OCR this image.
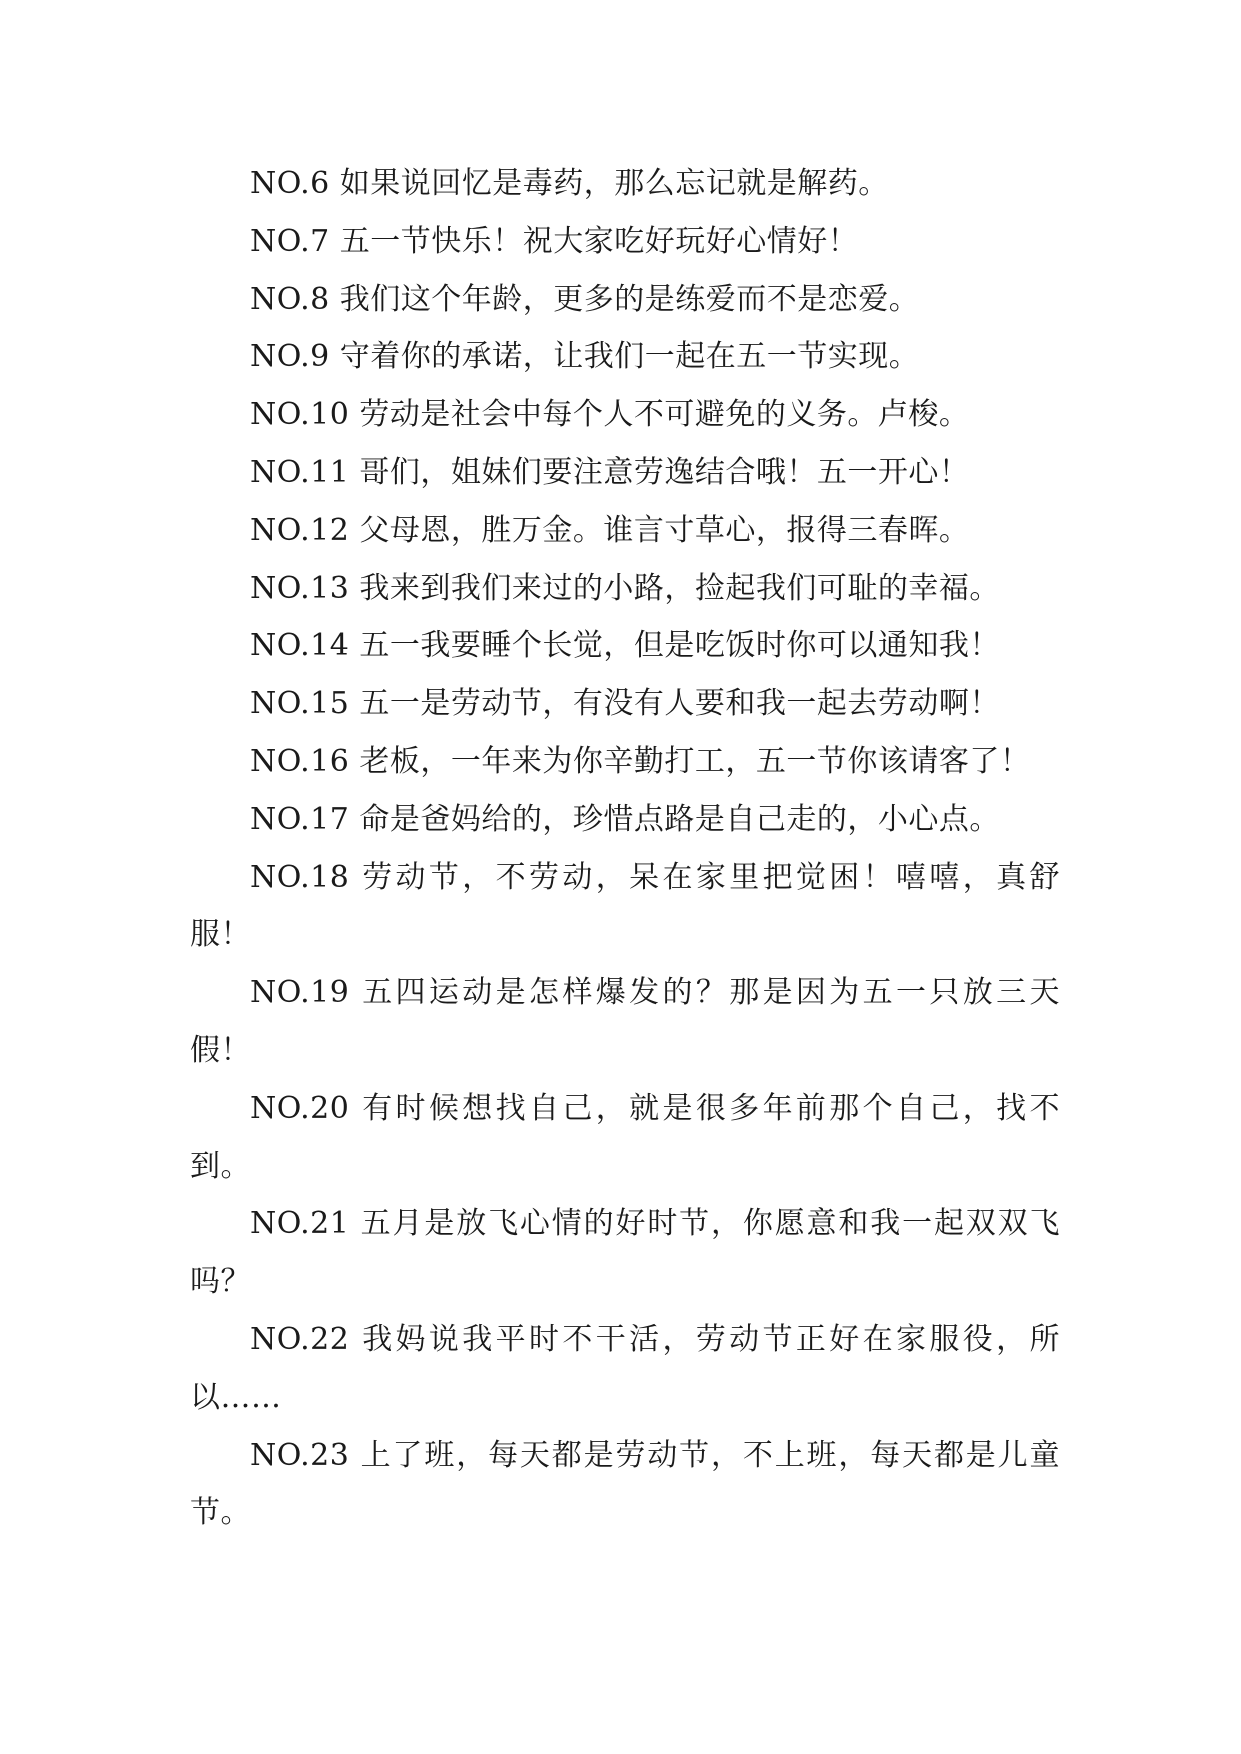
NO.6 如果说回忆是毒药，那么忘记就是解药。

NO.7 五一节快乐！祝大家吃好玩好心情好！

NO.8 我们这个年龄，更多的是练爱而不是恋爱。

NO.9 守着你的承诺，让我们一起在五一节实现。

NO.10 劳动是社会中每个人不可避免的义务。卢梭。

NO.11 哥们，姐妹们要注意劳逸结合哦！五一开心！

NO.12 父母恩，胜万金。谁言寸草心，报得三春晖。

NO.13 我来到我们来过的小路，捡起我们可耻的幸福。

NO.14 五一我要睡个长觉，但是吃饭时你可以通知我！

NO.15 五一是劳动节，有没有人要和我一起去劳动啊！

NO.16 老板，一年来为你辛勤打工，五一节你该请客了！

NO.17 命是爸妈给的，珍惜点路是自己走的，小心点。

NO.18 劳动节，不劳动，呆在家里把觉困！嘻嘻，真舒服！

NO.19 五四运动是怎样爆发的？那是因为五一只放三天假！

NO.20 有时候想找自己，就是很多年前那个自己，找不到。

NO.21 五月是放飞心情的好时节，你愿意和我一起双双飞吗？

NO.22 我妈说我平时不干活，劳动节正好在家服役，所以……

NO.23 上了班，每天都是劳动节，不上班，每天都是儿童节。
